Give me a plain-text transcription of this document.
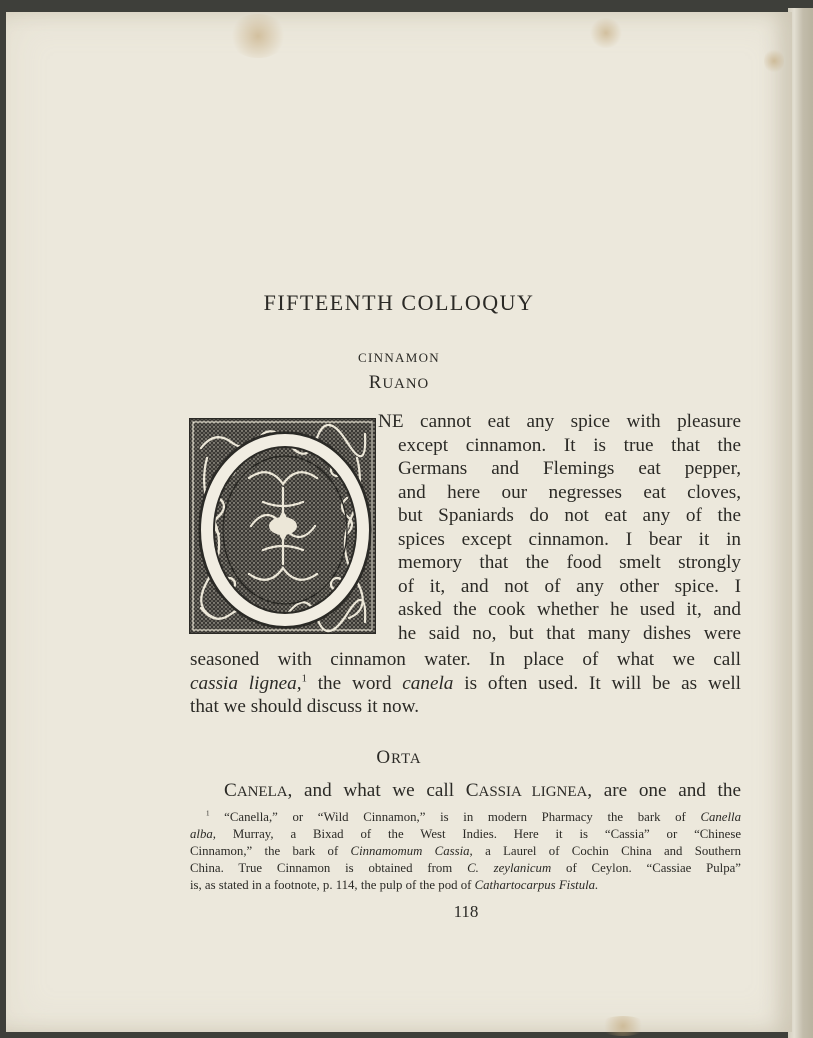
FIFTEENTH COLLOQUY
CINNAMON
RUANO
NE cannot eat any spice with pleasure
except cinnamon. It is true that the
Germans and Flemings eat pepper,
and here our negresses eat cloves,
but Spaniards do not eat any of the
spices except cinnamon. I bear it in
memory that the food smelt strongly
of it, and not of any other spice. I
asked the cook whether he used it, and
he said no, but that many dishes were
seasoned with cinnamon water. In place of what we call
cassia lignea,$^1$ the word canela is often used. It will be as well
that we should discuss it now.
ORTA
CANELA, and what we call CASSIA LIGNEA, are one and the
$^1$ “Canella,” or “Wild Cinnamon,” is in modern Pharmacy the bark of Canella
alba, Murray, a Bixad of the West Indies. Here it is “Cassia” or “Chinese
Cinnamon,” the bark of Cinnamomum Cassia, a Laurel of Cochin China and Southern
China. True Cinnamon is obtained from C. zeylanicum of Ceylon. “Cassiae Pulpa”
is, as stated in a footnote, p. 114, the pulp of the pod of Cathartocarpus Fistula.
118
